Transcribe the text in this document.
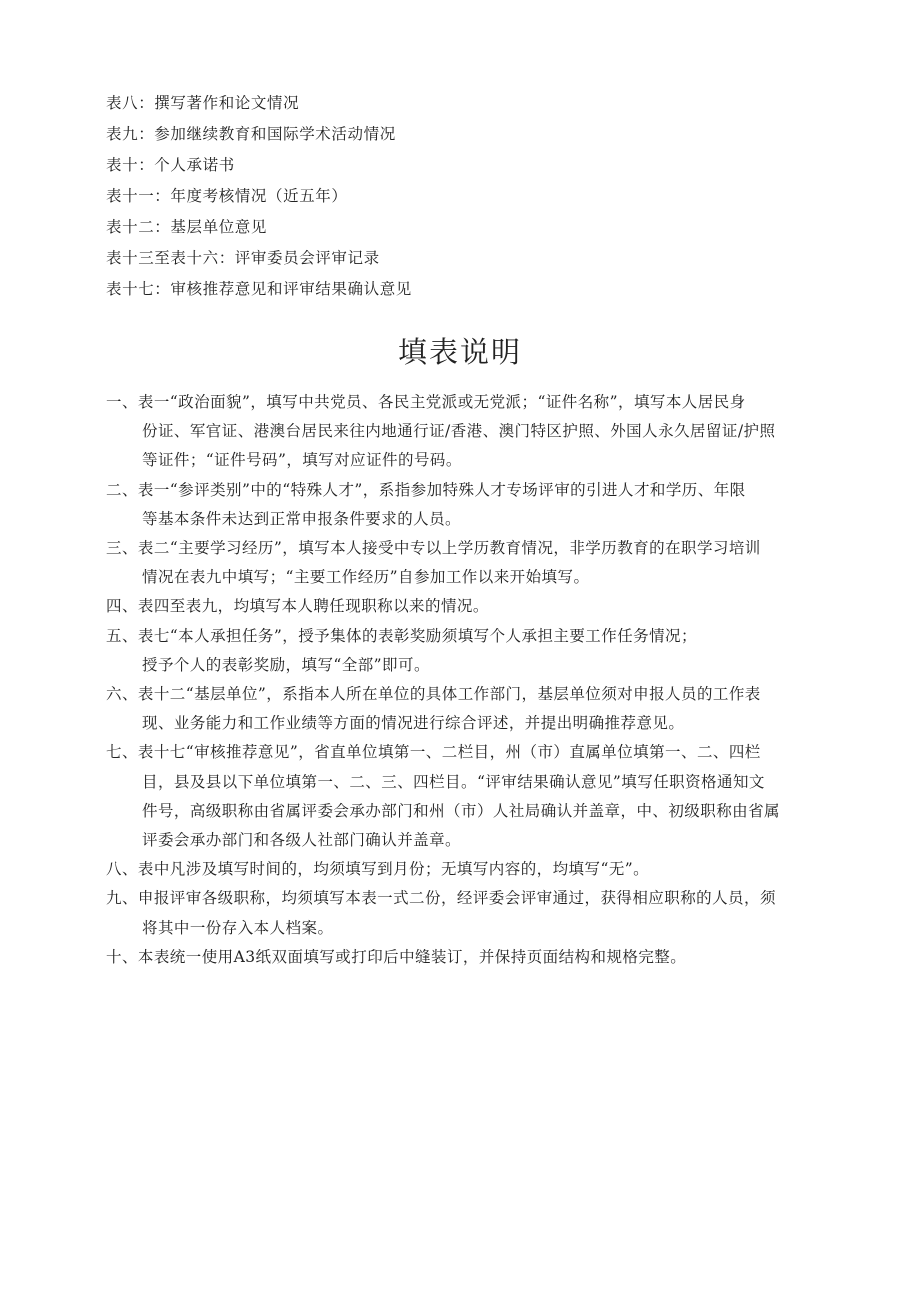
表八：撰写著作和论文情况
表九：参加继续教育和国际学术活动情况
表十：个人承诺书
表十一：年度考核情况（近五年）
表十二：基层单位意见
表十三至表十六：评审委员会评审记录
表十七：审核推荐意见和评审结果确认意见
填表说明
一、表一“政治面貌”，填写中共党员、各民主党派或无党派；“证件名称”，填写本人居民身
份证、军官证、港澳台居民来往内地通行证/香港、澳门特区护照、外国人永久居留证/护照
等证件；“证件号码”，填写对应证件的号码。
二、表一“参评类别”中的“特殊人才”，系指参加特殊人才专场评审的引进人才和学历、年限
等基本条件未达到正常申报条件要求的人员。
三、表二“主要学习经历”，填写本人接受中专以上学历教育情况，非学历教育的在职学习培训
情况在表九中填写；“主要工作经历”自参加工作以来开始填写。
四、表四至表九，均填写本人聘任现职称以来的情况。
五、表七“本人承担任务”，授予集体的表彰奖励须填写个人承担主要工作任务情况；
授予个人的表彰奖励，填写“全部”即可。
六、表十二“基层单位”，系指本人所在单位的具体工作部门，基层单位须对申报人员的工作表
现、业务能力和工作业绩等方面的情况进行综合评述，并提出明确推荐意见。
七、表十七“审核推荐意见”，省直单位填第一、二栏目，州（市）直属单位填第一、二、四栏
目，县及县以下单位填第一、二、三、四栏目。“评审结果确认意见”填写任职资格通知文
件号，高级职称由省属评委会承办部门和州（市）人社局确认并盖章，中、初级职称由省属
评委会承办部门和各级人社部门确认并盖章。
八、表中凡涉及填写时间的，均须填写到月份；无填写内容的，均填写“无”。
九、申报评审各级职称，均须填写本表一式二份，经评委会评审通过，获得相应职称的人员，须
将其中一份存入本人档案。
十、本表统一使用A3纸双面填写或打印后中缝装订，并保持页面结构和规格完整。
